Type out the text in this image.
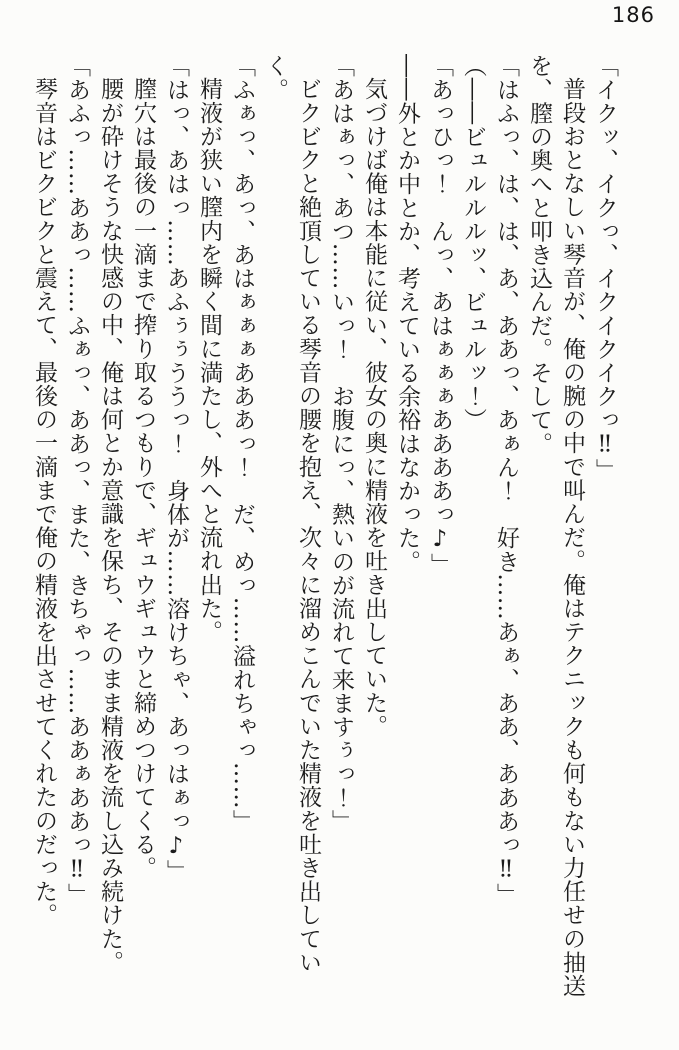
186

「イクッ、イクっ、イクイクイクっ‼」

普段おとなしい琴音が、俺の腕の中で叫んだ。俺はテクニックも何もない力任せの抽送を、膣の奥へと叩き込んだ。そして。

「はふっ、は、は、あ、ああっ、あぁん！　好き……あぁ、ああ、あああっ‼」

（――ビュルルルッ、ビュルッ！）

「あっひっ！　んっ、あはぁぁぁああああっ♪」

――外とか中とか、考えている余裕はなかった。

気づけば俺は本能に従い、彼女の奥に精液を吐き出していた。

「あはぁっ、あつ……いっ！　お腹にっ、熱いのが流れて来ますぅっ！」

ビクビクと絶頂している琴音の腰を抱え、次々に溜めこんでいた精液を吐き出していく。

「ふぁっ、あっ、あはぁぁぁあああっ！　だ、めっ……溢れちゃっ……」

精液が狭い膣内を瞬く間に満たし、外へと流れ出た。

「はっ、あはっ……あふぅぅううっ！　身体が……溶けちゃ、あっはぁっ♪」

膣穴は最後の一滴まで搾り取るつもりで、ギュウギュウと締めつけてくる。

腰が砕けそうな快感の中、俺は何とか意識を保ち、そのまま精液を流し込み続けた。

「あふっ……ああっ……ふぁっ、ああっ、また、きちゃっ……ああぁああっ‼」

琴音はビクビクと震えて、最後の一滴まで俺の精液を出させてくれたのだった。
